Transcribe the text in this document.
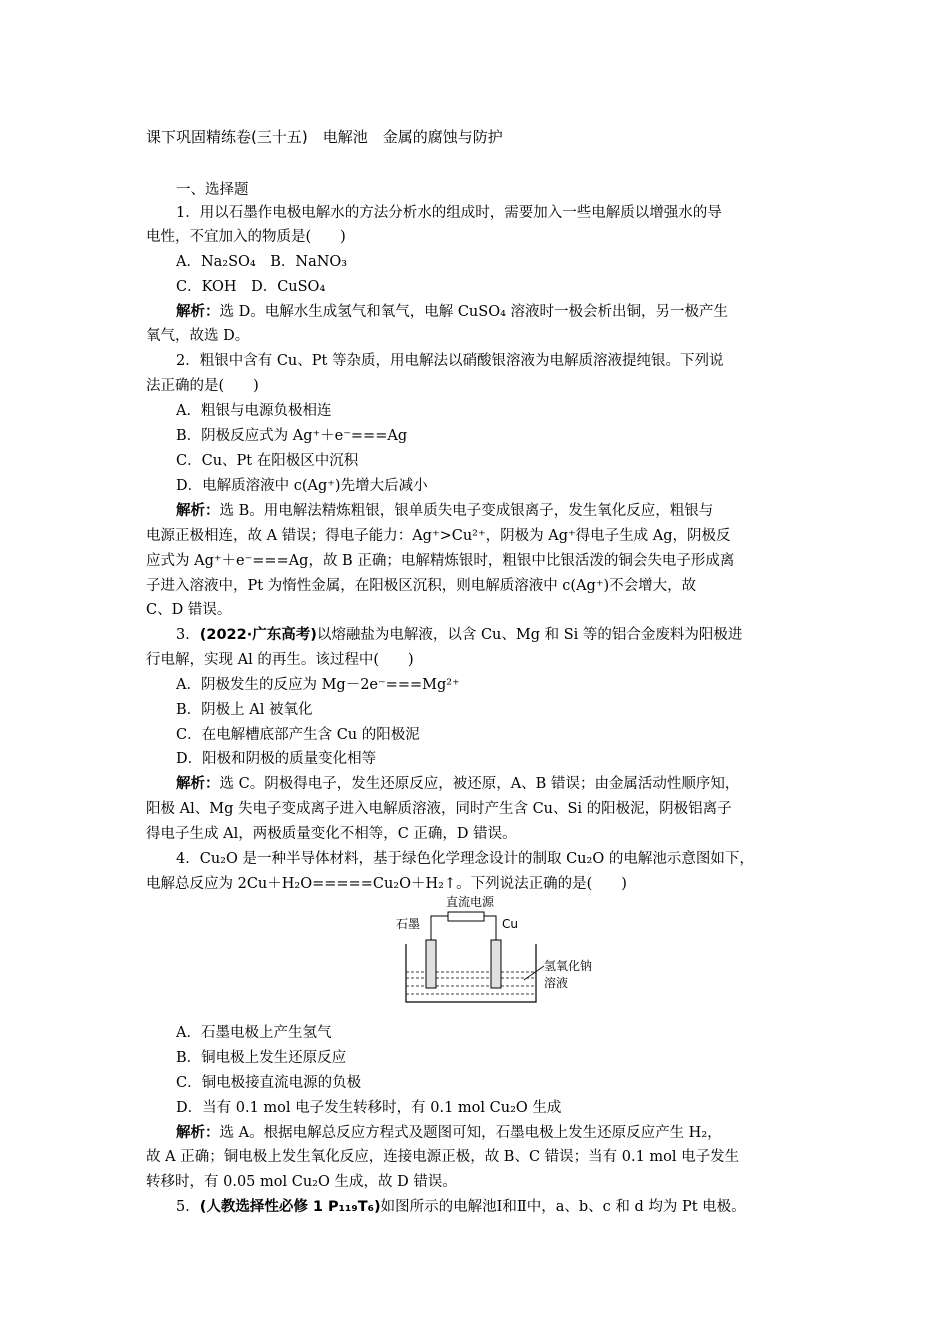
课下巩固精练卷(三十五)　电解池　金属的腐蚀与防护
一、选择题
1．用以石墨作电极电解水的方法分析水的组成时，需要加入一些电解质以增强水的导
电性，不宜加入的物质是(　　)
A．Na₂SO₄　B．NaNO₃
C．KOH　D．CuSO₄
解析：选 D。电解水生成氢气和氧气，电解 CuSO₄ 溶液时一极会析出铜，另一极产生
氧气，故选 D。
2．粗银中含有 Cu、Pt 等杂质，用电解法以硝酸银溶液为电解质溶液提纯银。下列说
法正确的是(　　)
A．粗银与电源负极相连
B．阴极反应式为 Ag⁺＋e⁻===Ag
C．Cu、Pt 在阳极区中沉积
D．电解质溶液中 c(Ag⁺)先增大后减小
解析：选 B。用电解法精炼粗银，银单质失电子变成银离子，发生氧化反应，粗银与
电源正极相连，故 A 错误；得电子能力：Ag⁺>Cu²⁺，阴极为 Ag⁺得电子生成 Ag，阴极反
应式为 Ag⁺＋e⁻===Ag，故 B 正确；电解精炼银时，粗银中比银活泼的铜会失电子形成离
子进入溶液中，Pt 为惰性金属，在阳极区沉积，则电解质溶液中 c(Ag⁺)不会增大，故
C、D 错误。
3．(2022·广东高考)以熔融盐为电解液，以含 Cu、Mg 和 Si 等的铝合金废料为阳极进
行电解，实现 Al 的再生。该过程中(　　)
A．阴极发生的反应为 Mg－2e⁻===Mg²⁺
B．阴极上 Al 被氧化
C．在电解槽底部产生含 Cu 的阳极泥
D．阳极和阴极的质量变化相等
解析：选 C。阴极得电子，发生还原反应，被还原，A、B 错误；由金属活动性顺序知，
阳极 Al、Mg 失电子变成离子进入电解质溶液，同时产生含 Cu、Si 的阳极泥，阴极铝离子
得电子生成 Al，两极质量变化不相等，C 正确，D 错误。
4．Cu₂O 是一种半导体材料，基于绿色化学理念设计的制取 Cu₂O 的电解池示意图如下，
电解总反应为 2Cu＋H₂O=====Cu₂O＋H₂↑。下列说法正确的是(　　)
直流电源
石墨	Cu
氢氧化钠
溶液
A．石墨电极上产生氢气
B．铜电极上发生还原反应
C．铜电极接直流电源的负极
D．当有 0.1 mol 电子发生转移时，有 0.1 mol Cu₂O 生成
解析：选 A。根据电解总反应方程式及题图可知，石墨电极上发生还原反应产生 H₂，
故 A 正确；铜电极上发生氧化反应，连接电源正极，故 B、C 错误；当有 0.1 mol 电子发生
转移时，有 0.05 mol Cu₂O 生成，故 D 错误。
5．(人教选择性必修 1 P₁₁₉T₆)如图所示的电解池Ⅰ和Ⅱ中，a、b、c 和 d 均为 Pt 电极。
